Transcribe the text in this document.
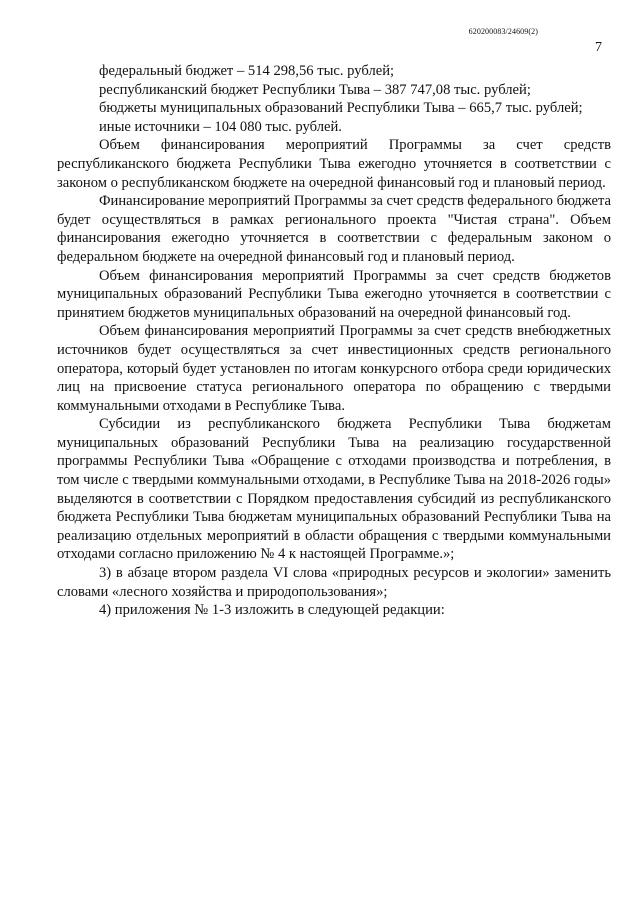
620200083/24609(2)
7

федеральный бюджет – 514 298,56 тыс. рублей;

республиканский бюджет Республики Тыва – 387 747,08 тыс. рублей;

бюджеты муниципальных образований Республики Тыва – 665,7 тыс. рублей;

иные источники – 104 080 тыс. рублей.

Объем финансирования мероприятий Программы за счет средств республиканского бюджета Республики Тыва ежегодно уточняется в соответствии с законом о республиканском бюджете на очередной финансовый год и плановый период.

Финансирование мероприятий Программы за счет средств федерального бюджета будет осуществляться в рамках регионального проекта "Чистая страна". Объем финансирования ежегодно уточняется в соответствии с федеральным законом о федеральном бюджете на очередной финансовый год и плановый период.

Объем финансирования мероприятий Программы за счет средств бюджетов муниципальных образований Республики Тыва ежегодно уточняется в соответствии с принятием бюджетов муниципальных образований на очередной финансовый год.

Объем финансирования мероприятий Программы за счет средств внебюджетных источников будет осуществляться за счет инвестиционных средств регионального оператора, который будет установлен по итогам конкурсного отбора среди юридических лиц на присвоение статуса регионального оператора по обращению с твердыми коммунальными отходами в Республике Тыва.

Субсидии из республиканского бюджета Республики Тыва бюджетам муниципальных образований Республики Тыва на реализацию государственной программы Республики Тыва «Обращение с отходами производства и потребления, в том числе с твердыми коммунальными отходами, в Республике Тыва на 2018-2026 годы» выделяются в соответствии с Порядком предоставления субсидий из республиканского бюджета Республики Тыва бюджетам муниципальных образований Республики Тыва на реализацию отдельных мероприятий в области обращения с твердыми коммунальными отходами согласно приложению № 4 к настоящей Программе.»;

3) в абзаце втором раздела VI слова «природных ресурсов и экологии» заменить словами «лесного хозяйства и природопользования»;

4) приложения № 1-3 изложить в следующей редакции:
